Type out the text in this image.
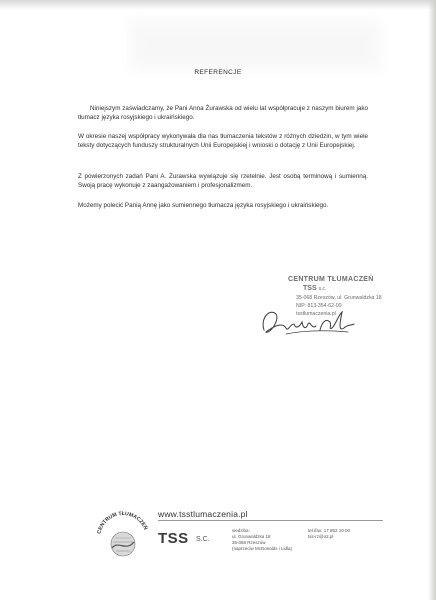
REFERENCJE
Niniejszym zaświadczamy, że Pani Anna Żurawska od wielu lat współpracuje z naszym biurem jako tłumacz języka rosyjskiego i ukraińskiego.
W okresie naszej współpracy wykonywała dla nas tłumaczenia tekstów z różnych dziedzin, w tym wiele teksty dotyczących funduszy strukturalnych Unii Europejskiej i wnioski o dotację z Unii Europejskiej.
Z powierzonych zadań Pani A. Żurawska wywiązuje się rzetelnie. Jest osobą terminową i sumienną. Swoją pracę wykonuje z zaangażowaniem i profesjonalizmem.
Możemy polecić Panią Annę jako sumiennego tłumacza języka rosyjskiego i ukraińskiego.
CENTRUM TŁUMACZEŃ
TSS s.c.
35-068 Rzeszów, ul. Grunwaldzka 18
NIP: 813-354-62-00
tsstlumaczenia.pl
CENTRUM TŁUMACZEŃ
www.tsstlumaczenia.pl
TSS S.C.
siedziba:
ul. Grunwaldzka 18
35-068 Rzeszów
(naprzeciw McDonalds i Lidla)
tel./fax: 17 852 10 00
tss-rz@o2.pl
